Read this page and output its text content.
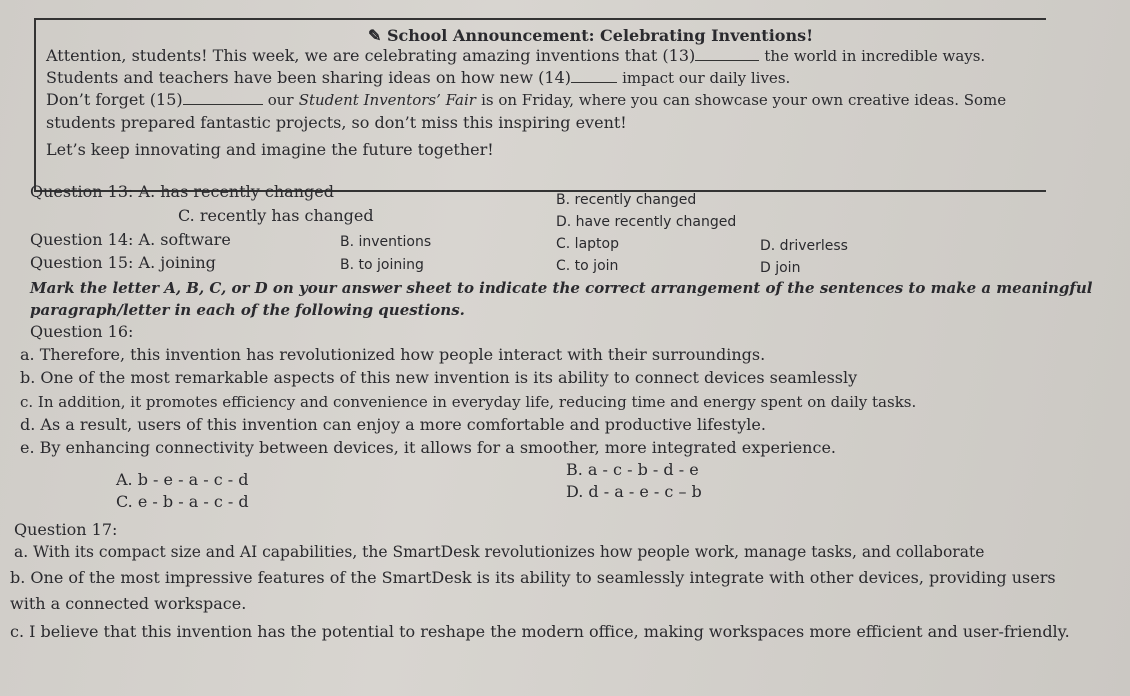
✎ School Announcement: Celebrating Inventions!
Attention, students! This week, we are celebrating amazing inventions that (13)	the world in incredible ways.
Students and teachers have been sharing ideas on how new (14)	impact our daily lives.
Don’t forget (15)	our Student Inventors’ Fair is on Friday, where you can showcase your own creative ideas. Some
students prepared fantastic projects, so don’t miss this inspiring event!
Let’s keep innovating and imagine the future together!
Question 13: A. has recently changed	B. recently changed
C. recently has changed	D. have recently changed
Question 14: A. software	B. inventions	C. laptop	D. driverless
Question 15: A. joining	B. to joining	C. to join	D join
Mark the letter A, B, C, or D on your answer sheet to indicate the correct arrangement of the sentences to make a meaningful
paragraph/letter in each of the following questions.
Question 16:
a. Therefore, this invention has revolutionized how people interact with their surroundings.
b. One of the most remarkable aspects of this new invention is its ability to connect devices seamlessly
c. In addition, it promotes efficiency and convenience in everyday life, reducing time and energy spent on daily tasks.
d. As a result, users of this invention can enjoy a more comfortable and productive lifestyle.
e. By enhancing connectivity between devices, it allows for a smoother, more integrated experience.
A. b - e - a - c - d
B. a - c - b - d - e
C. e - b - a - c - d
D. d - a - e - c – b
Question 17:
a. With its compact size and AI capabilities, the SmartDesk revolutionizes how people work, manage tasks, and collaborate
b. One of the most impressive features of the SmartDesk is its ability to seamlessly integrate with other devices, providing users
with a connected workspace.
c. I believe that this invention has the potential to reshape the modern office, making workspaces more efficient and user-friendly.
